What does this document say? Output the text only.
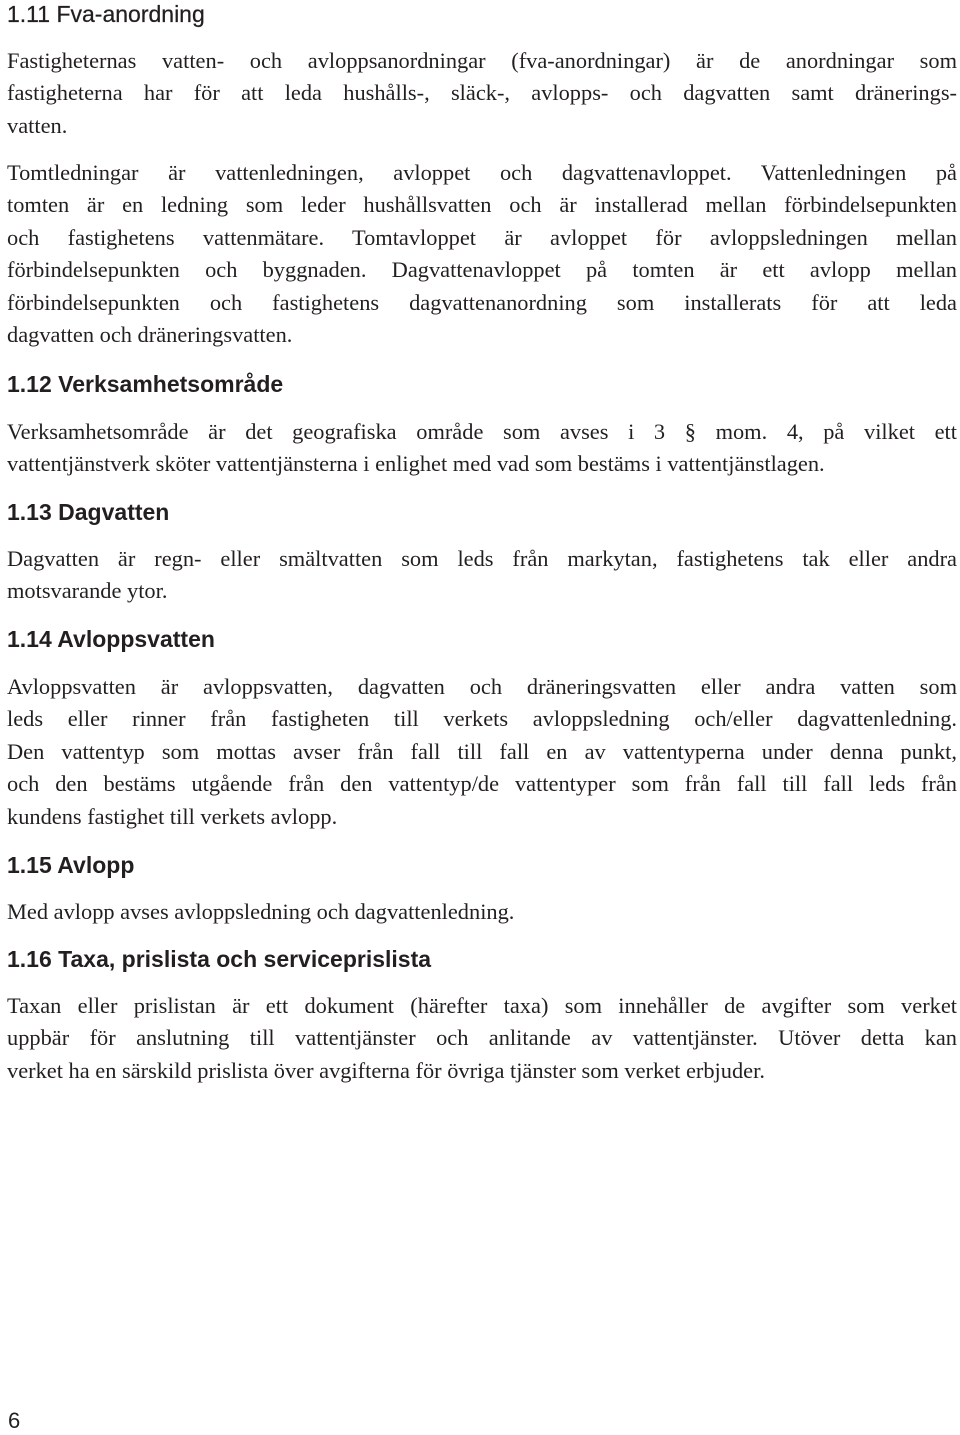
1.11 Fva-anordning

Fastigheternas vatten- och avloppsanordningar (fva-anordningar) är de anordningar som
fastigheterna har för att leda hushålls-, släck-, avlopps- och dagvatten samt dränerings-
vatten.

Tomtledningar är vattenledningen, avloppet och dagvattenavloppet. Vattenledningen på
tomten är en ledning som leder hushållsvatten och är installerad mellan förbindelsepunkten
och fastighetens vattenmätare. Tomtavloppet är avloppet för avloppsledningen mellan
förbindelsepunkten och byggnaden. Dagvattenavloppet på tomten är ett avlopp mellan
förbindelsepunkten och fastighetens dagvattenanordning som installerats för att leda
dagvatten och dräneringsvatten.

1.12 Verksamhetsområde

Verksamhetsområde är det geografiska område som avses i 3 § mom. 4, på vilket ett
vattentjänstverk sköter vattentjänsterna i enlighet med vad som bestäms i vattentjänstlagen.

1.13 Dagvatten

Dagvatten är regn- eller smältvatten som leds från markytan, fastighetens tak eller andra
motsvarande ytor.

1.14 Avloppsvatten

Avloppsvatten är avloppsvatten, dagvatten och dräneringsvatten eller andra vatten som
leds eller rinner från fastigheten till verkets avloppsledning och/eller dagvattenledning.
Den vattentyp som mottas avser från fall till fall en av vattentyperna under denna punkt,
och den bestäms utgående från den vattentyp/de vattentyper som från fall till fall leds från
kundens fastighet till verkets avlopp.

1.15 Avlopp

Med avlopp avses avloppsledning och dagvattenledning.

1.16 Taxa, prislista och serviceprislista

Taxan eller prislistan är ett dokument (härefter taxa) som innehåller de avgifter som verket
uppbär för anslutning till vattentjänster och anlitande av vattentjänster. Utöver detta kan
verket ha en särskild prislista över avgifterna för övriga tjänster som verket erbjuder.

6
